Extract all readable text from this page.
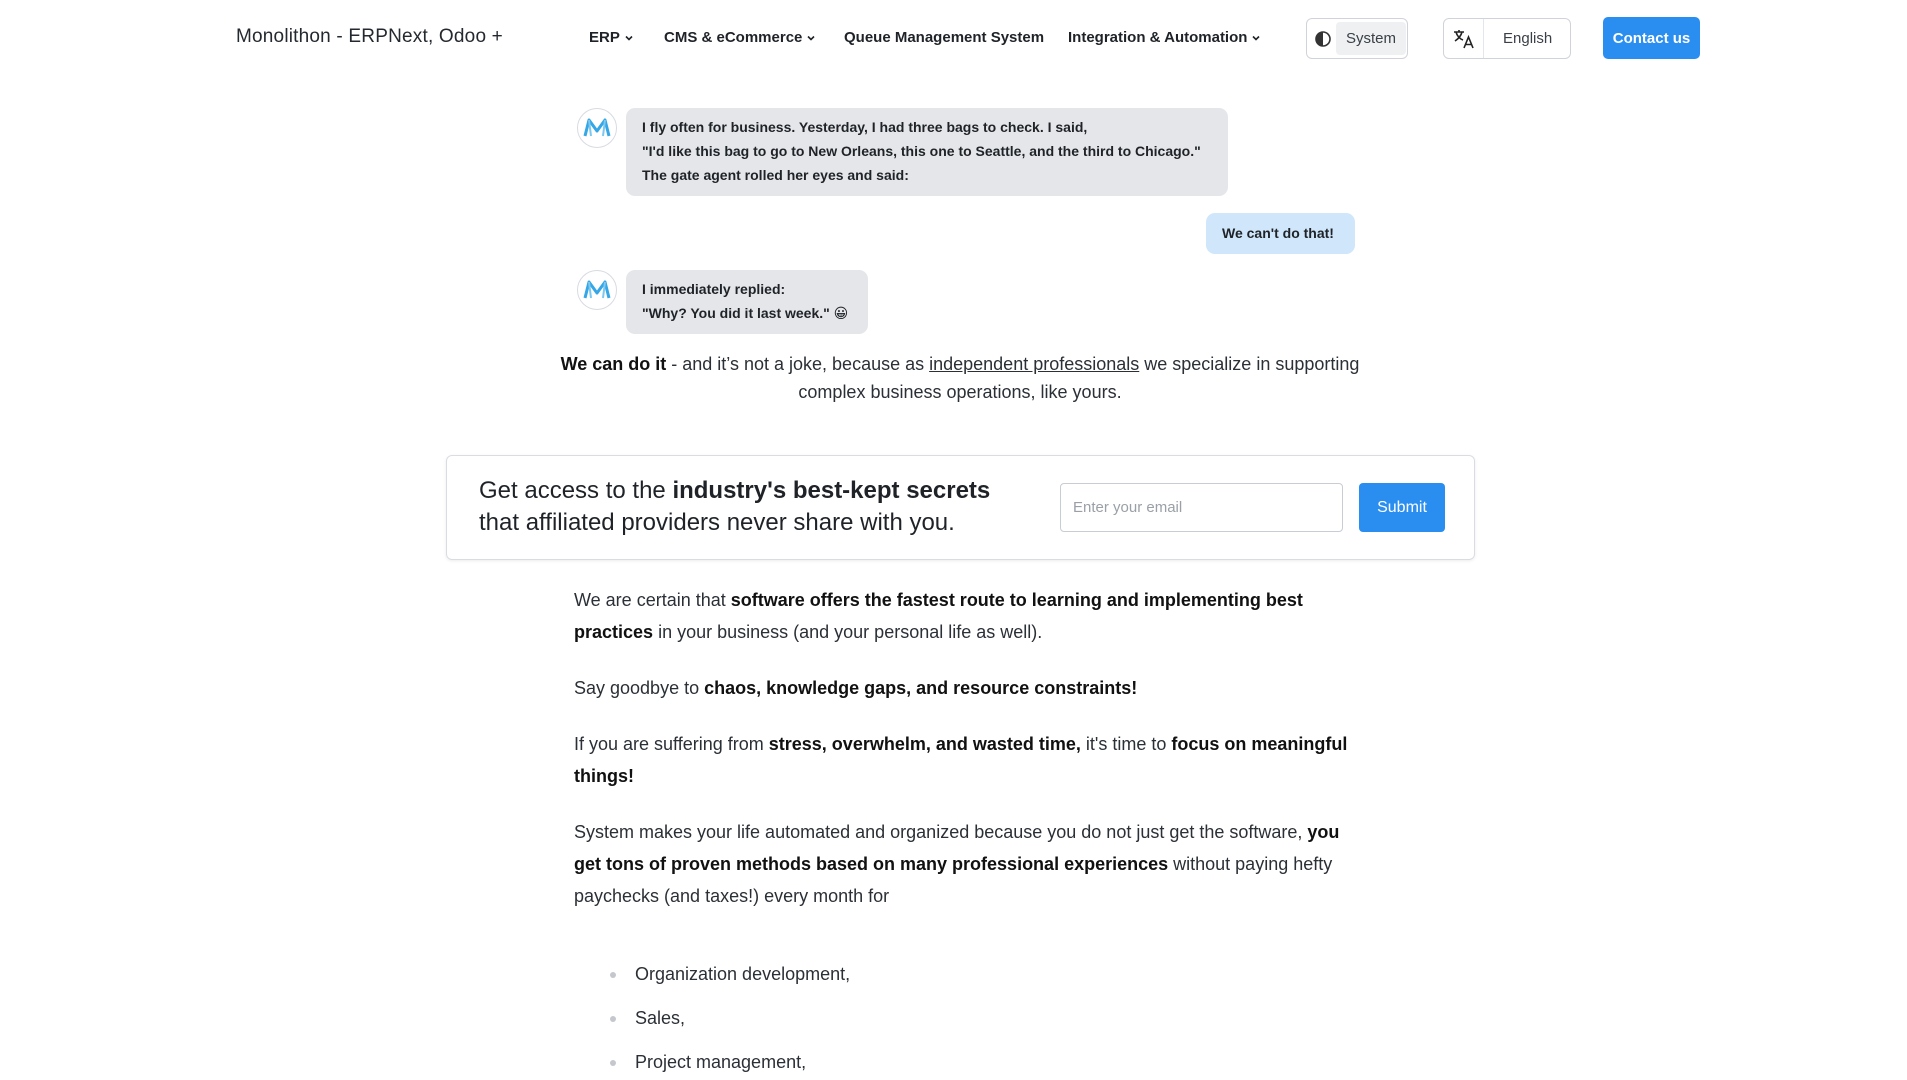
Monolithon - ERPNext, Odoo +	ERP	CMS & eCommerce	Queue Management System Integration & Automation	System	English	Contact us
I fly often for business. Yesterday, I had three bags to check. I said,
"I'd like this bag to go to New Orleans, this one to Seattle, and the third to Chicago."
The gate agent rolled her eyes and said:
We can't do that!
I immediately replied:
"Why? You did it last week." 😀
We can do it - and it’s not a joke, because as independent professionals we specialize in supporting complex business operations, like yours.
Get access to the industry's best-kept secrets
that affiliated providers never share with you.
Enter your email
Submit

We are certain that software offers the fastest route to learning and implementing best practices in your business (and your personal life as well).

Say goodbye to chaos, knowledge gaps, and resource constraints!

If you are suffering from stress, overwhelm, and wasted time, it's time to focus on meaningful things!

System makes your life automated and organized because you do not just get the software, you get tons of proven methods based on many professional experiences without paying hefty paychecks (and taxes!) every month for

Organization development,
Sales,
Project management,
